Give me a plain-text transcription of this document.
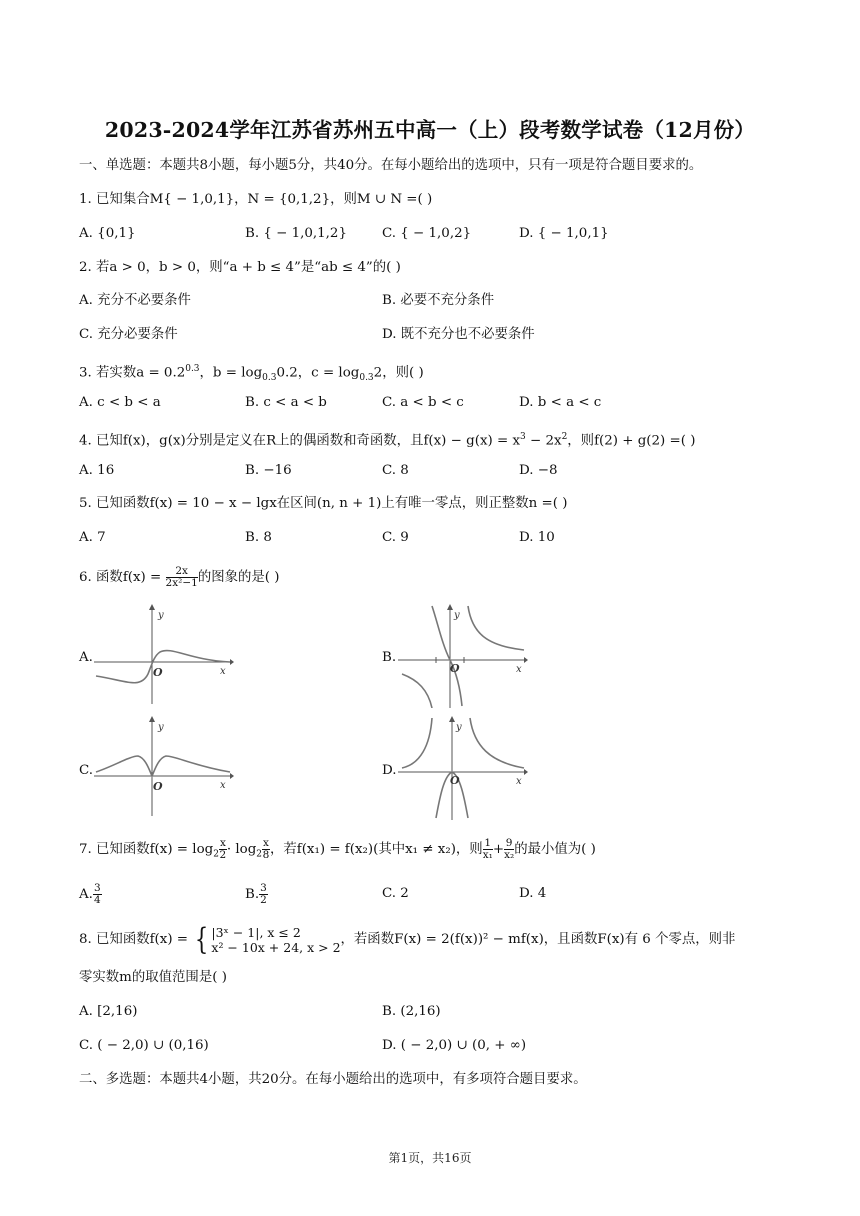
2023-2024学年江苏省苏州五中高一（上）段考数学试卷（12月份）
一、单选题：本题共8小题，每小题5分，共40分。在每小题给出的选项中，只有一项是符合题目要求的。
1. 已知集合M{ − 1,0,1}，N = {0,1,2}，则M ∪ N =( )
A. {0,1}	B. { − 1,0,1,2}	C. { − 1,0,2}	D. { − 1,0,1}
2. 若a > 0，b > 0，则“a + b ≤ 4”是“ab ≤ 4”的( )
A. 充分不必要条件	B. 必要不充分条件
C. 充分必要条件	D. 既不充分也不必要条件
3. 若实数$a = 0.2^{0.3}$，$b = \log_{0.3}0.2$，$c = \log_{0.3}2$，则( )
A. c < b < a	B. c < a < b	C. a < b < c	D. b < a < c
4. 已知f(x)，g(x)分别是定义在R上的偶函数和奇函数，且$f(x) - g(x) = x^3 - 2x^2$，则f(2) + g(2) =( )
A. 16	B. −16	C. 8	D. −8
5. 已知函数f(x) = 10 − x − lgx在区间(n, n + 1)上有唯一零点，则正整数n =( )
A. 7	B. 8	C. 9	D. 10
6. 函数$f(x) = \frac{2x}{\text{2x²−1}}$ 的图象的是( )
A.	B.
C.	D.
y
x
O
y
x
O
y
x
O
y
x
O
7. 已知函数$f(x) = \log_2 \frac{x}{2} \cdot \log_2 \frac{x}{8}$ ，若f(x₁) = f(x₂)(其中x₁ ≠ x₂)，则 $\frac{1}{\text{x₁}} + \frac{9}{\text{x₂}}$ 的最小值为( )
A. $\frac{3}{4}$	B. $\frac{3}{2}$	C. 2	D. 4
8. 已知函数f(x) = { |3ˣ − 1|, x ≤ 2
x² − 10x + 24, x > 2
，若函数F(x) = 2(f(x))² − mf(x)，且函数F(x)有 6 个零点，则非
零实数m的取值范围是( )
A. [2,16)	B. (2,16)
C. ( − 2,0) ∪ (0,16)	D. ( − 2,0) ∪ (0, + ∞)
二、多选题：本题共4小题，共20分。在每小题给出的选项中，有多项符合题目要求。
第1页，共16页
